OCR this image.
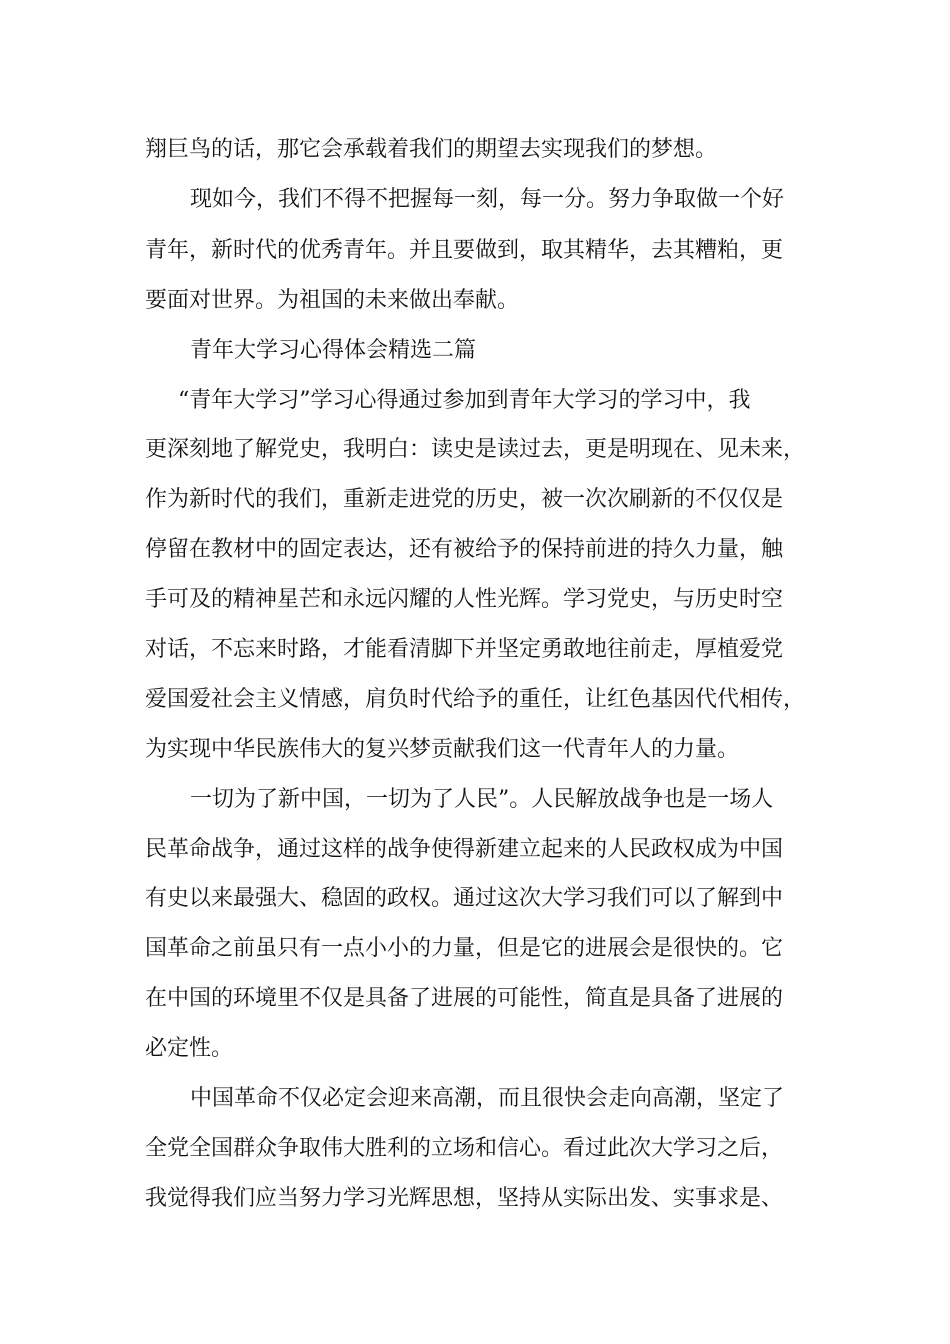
翔巨鸟的话，那它会承载着我们的期望去实现我们的梦想。
现如今，我们不得不把握每一刻，每一分。努力争取做一个好
青年，新时代的优秀青年。并且要做到，取其精华，去其糟粕，更
要面对世界。为祖国的未来做出奉献。
青年大学习心得体会精选二篇
“青年大学习”学习心得通过参加到青年大学习的学习中，我
更深刻地了解党史，我明白：读史是读过去，更是明现在、见未来，
作为新时代的我们，重新走进党的历史，被一次次刷新的不仅仅是
停留在教材中的固定表达，还有被给予的保持前进的持久力量，触
手可及的精神星芒和永远闪耀的人性光辉。学习党史，与历史时空
对话，不忘来时路，才能看清脚下并坚定勇敢地往前走，厚植爱党
爱国爱社会主义情感，肩负时代给予的重任，让红色基因代代相传，
为实现中华民族伟大的复兴梦贡献我们这一代青年人的力量。
一切为了新中国，一切为了人民”。人民解放战争也是一场人
民革命战争，通过这样的战争使得新建立起来的人民政权成为中国
有史以来最强大、稳固的政权。通过这次大学习我们可以了解到中
国革命之前虽只有一点小小的力量，但是它的进展会是很快的。它
在中国的环境里不仅是具备了进展的可能性，简直是具备了进展的
必定性。
中国革命不仅必定会迎来高潮，而且很快会走向高潮，坚定了
全党全国群众争取伟大胜利的立场和信心。看过此次大学习之后，
我觉得我们应当努力学习光辉思想，坚持从实际出发、实事求是、
